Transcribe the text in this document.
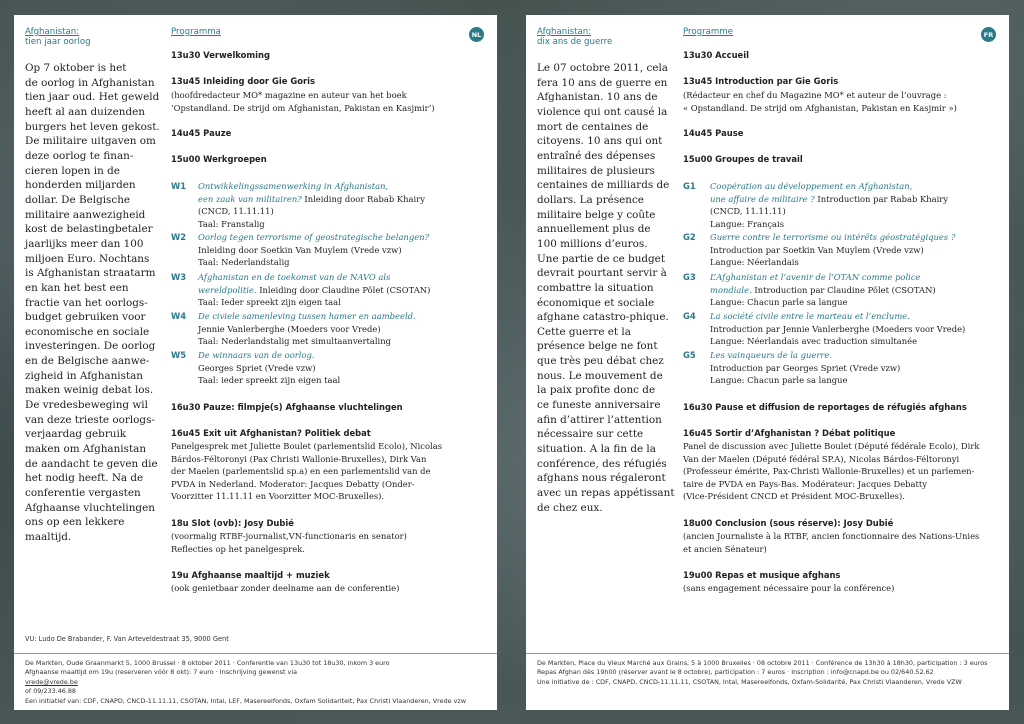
Afghanistan:
tien jaar oorlog
Programma	NL
Op 7 oktober is het
de oorlog in Afghanistan
tien jaar oud. Het geweld
heeft al aan duizenden
burgers het leven gekost.
De militaire uitgaven om
deze oorlog te finan-
cieren lopen in de
honderden miljarden
dollar. De Belgische
militaire aanwezigheid
kost de belastingbetaler
jaarlijks meer dan 100
miljoen Euro. Nochtans
is Afghanistan straatarm
en kan het best een
fractie van het oorlogs-
budget gebruiken voor
economische en sociale
investeringen. De oorlog
en de Belgische aanwe-
zigheid in Afghanistan
maken weinig debat los.
De vredesbeweging wil
van deze trieste oorlogs-
verjaardag gebruik
maken om Afghanistan
de aandacht te geven die
het nodig heeft. Na de
conferentie vergasten
Afghaanse vluchtelingen
ons op een lekkere
maaltijd.
13u30 Verwelkoming
13u45 Inleiding door Gie Goris
(hoofdredacteur MO* magazine en auteur van het boek
‘Opstandland. De strijd om Afghanistan, Pakistan en Kasjmir’)
14u45 Pauze
15u00 Werkgroepen
W1 Ontwikkelingssamenwerking in Afghanistan,
een zaak van militairen? Inleiding door Rabab Khairy
(CNCD, 11.11.11)
Taal: Franstalig
W2 Oorlog tegen terrorisme of geostrategische belangen?
Inleiding door Soetkin Van Muylem (Vrede vzw)
Taal: Nederlandstalig
W3 Afghanistan en de toekomst van de NAVO als
wereldpolitie. Inleiding door Claudine Pôlet (CSOTAN)
Taal: Ieder spreekt zijn eigen taal
W4 De civiele samenleving tussen hamer en aambeeld.
Jennie Vanlerberghe (Moeders voor Vrede)
Taal: Nederlandstalig met simultaanvertaling
W5 De winnaars van de oorlog.
Georges Spriet (Vrede vzw)
Taal: ieder spreekt zijn eigen taal
16u30 Pauze: filmpje(s) Afghaanse vluchtelingen
16u45 Exit uit Afghanistan? Politiek debat
Panelgesprek met Juliette Boulet (parlementslid Ecolo), Nicolas
Bárdos-Féltoronyi (Pax Christi Wallonie-Bruxelles), Dirk Van
der Maelen (parlementslid sp.a) en een parlementslid van de
PVDA in Nederland. Moderator: Jacques Debatty (Onder-
Voorzitter 11.11.11 en Voorzitter MOC-Bruxelles).
18u Slot (ovb): Josy Dubié
(voormalig RTBF-journalist,VN-functionaris en senator)
Reflecties op het panelgesprek.
19u Afghaanse maaltijd + muziek
(ook genietbaar zonder deelname aan de conferentie)
VU: Ludo De Brabander, F. Van Arteveldestraat 35, 9000 Gent
De Markten, Oude Graanmarkt 5, 1000 Brussel · 8 oktober 2011 · Conferentie van 13u30 tot 18u30, inkom 3 euro
Afghaanse maaltijd om 19u (reserveren vóór 8 okt): 7 euro · Inschrijving gewenst via
vrede@vrede.be
of 09/233.46.88
Een initiatief van: CDF, CNAPD, CNCD-11.11.11, CSOTAN, Intal, LEF, Masereelfonds, Oxfam Solidariteit, Pax Christi Vlaanderen, Vrede vzw
Afghanistan:
dix ans de guerre
Programme	FR
Le 07 octobre 2011, cela
fera 10 ans de guerre en
Afghanistan. 10 ans de
violence qui ont causé la
mort de centaines de
citoyens. 10 ans qui ont
entraîné des dépenses
militaires de plusieurs
centaines de milliards de
dollars. La présence
militaire belge y coûte
annuellement plus de
100 millions d’euros.
Une partie de ce budget
devrait pourtant servir à
combattre la situation
économique et sociale
afghane catastro-phique.
Cette guerre et la
présence belge ne font
que très peu débat chez
nous. Le mouvement de
la paix profite donc de
ce funeste anniversaire
afin d’attirer l’attention
nécessaire sur cette
situation. A la fin de la
conférence, des réfugiés
afghans nous régaleront
avec un repas appétissant
de chez eux.
13u30 Accueil
13u45 Introduction par Gie Goris
(Rédacteur en chef du Magazine MO* et auteur de l’ouvrage :
« Opstandland. De strijd om Afghanistan, Pakistan en Kasjmir »)
14u45 Pause
15u00 Groupes de travail
G1 Coopération au développement en Afghanistan,
une affaire de militaire ? Introduction par Rabab Khairy
(CNCD, 11.11.11)
Langue: Français
G2 Guerre contre le terrorisme ou intérêts géostratégiques ?
Introduction par Soetkin Van Muylem (Vrede vzw)
Langue: Néerlandais
G3 L’Afghanistan et l’avenir de l’OTAN comme police
mondiale. Introduction par Claudine Pôlet (CSOTAN)
Langue: Chacun parle sa langue
G4 La société civile entre le marteau et l’enclume.
Introduction par Jennie Vanlerberghe (Moeders voor Vrede)
Langue: Néerlandais avec traduction simultanée
G5 Les vainqueurs de la guerre.
Introduction par Georges Spriet (Vrede vzw)
Langue: Chacun parle sa langue
16u30 Pause et diffusion de reportages de réfugiés afghans
16u45 Sortir d’Afghanistan ? Débat politique
Panel de discussion avec Juliette Boulet (Député fédérale Ecolo), Dirk
Van der Maelen (Député fédéral SP.A), Nicolas Bárdos-Féltoronyi
(Professeur émérite, Pax-Christi Wallonie-Bruxelles) et un parlemen-
taire de PVDA en Pays-Bas. Modérateur: Jacques Debatty
(Vice-Président CNCD et Président MOC-Bruxelles).
18u00 Conclusion (sous réserve): Josy Dubié
(ancien Journaliste à la RTBF, ancien fonctionnaire des Nations-Unies
et ancien Sénateur)
19u00 Repas et musique afghans
(sans engagement nécessaire pour la conférence)
De Markten, Place du Vieux Marché aux Grains, 5 à 1000 Bruxelles · 08 octobre 2011 · Conférence de 13h30 à 18h30, participation : 3 euros
Repas Afghan dès 19h00 (réserver avant le 8 octobre), participation : 7 euros · Inscription : info@cnapd.be ou 02/640.52.62
Une initiative de : CDF, CNAPD, CNCD-11.11.11, CSOTAN, Intal, Masereelfonds, Oxfam-Solidarité, Pax Christi Vlaanderen, Vrede VZW
